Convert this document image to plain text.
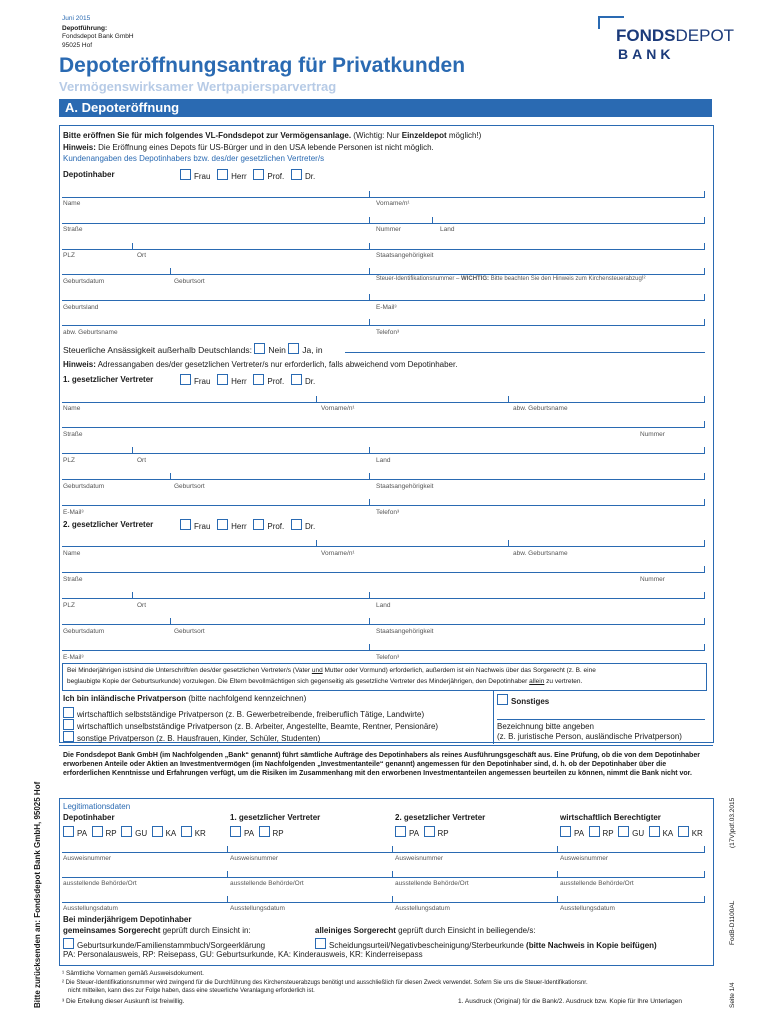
Juni 2015
Depotführung:
Fondsdepot Bank GmbH
95025 Hof
FONDSDEPOT
BANK
Depoteröffnungsantrag für Privatkunden
Vermögenswirksamer Wertpapiersparvertrag
A. Depoteröffnung
Bitte eröffnen Sie für mich folgendes VL-Fondsdepot zur Vermögensanlage. (Wichtig: Nur Einzeldepot möglich!)
Hinweis: Die Eröffnung eines Depots für US-Bürger und in den USA lebende Personen ist nicht möglich.
Kundenangaben des Depotinhabers bzw. des/der gesetzlichen Vertreter/s
Depotinhaber	Frau	Herr	Prof.	Dr.
Name	Vorname/n¹
Straße	Nummer	Land
PLZ	Ort	Staatsangehörigkeit
Geburtsdatum	Geburtsort	Steuer-Identifikationsnummer – WICHTIG: Bitte beachten Sie den Hinweis zum Kirchensteuerabzug!²
Geburtsland	E-Mail³
abw. Geburtsname	Telefon³
Steuerliche Ansässigkeit außerhalb Deutschlands: Nein Ja, in
Hinweis: Adressangaben des/der gesetzlichen Vertreter/s nur erforderlich, falls abweichend vom Depotinhaber.
1. gesetzlicher Vertreter	Frau	Herr	Prof.	Dr.
Name	Vorname/n¹	abw. Geburtsname
Straße	Nummer
PLZ	Ort	Land
Geburtsdatum	Geburtsort	Staatsangehörigkeit
E-Mail³	Telefon³
2. gesetzlicher Vertreter	Frau	Herr	Prof.	Dr.
Name	Vorname/n¹	abw. Geburtsname
Straße	Nummer
PLZ	Ort	Land
Geburtsdatum	Geburtsort	Staatsangehörigkeit
E-Mail³	Telefon³
Bei Minderjährigen ist/sind die Unterschrift/en des/der gesetzlichen Vertreter/s (Vater und Mutter oder Vormund) erforderlich, außerdem ist ein Nachweis über das Sorgerecht (z. B. eine
beglaubigte Kopie der Geburtsurkunde) vorzulegen. Die Eltern bevollmächtigen sich gegenseitig als gesetzliche Vertreter des Minderjährigen, den Depotinhaber allein zu vertreten.
Ich bin inländische Privatperson (bitte nachfolgend kennzeichnen)
wirtschaftlich selbstständige Privatperson (z. B. Gewerbetreibende, freiberuflich Tätige, Landwirte)
wirtschaftlich unselbstständige Privatperson (z. B. Arbeiter, Angestellte, Beamte, Rentner, Pensionäre)
sonstige Privatperson (z. B. Hausfrauen, Kinder, Schüler, Studenten)
Sonstiges
Bezeichnung bitte angeben
(z. B. juristische Person, ausländische Privatperson)
Die Fondsdepot Bank GmbH (im Nachfolgenden „Bank“ genannt) führt sämtliche Aufträge des Depotinhabers als reines Ausführungsgeschäft aus. Eine Prüfung, ob die von dem Depotinhaber erworbenen Anteile oder Aktien an Investmentvermögen (im Nachfolgenden „Investmentanteile“ genannt) angemessen für den Depotinhaber sind, d. h. ob der Depotinhaber über die erforderlichen Kenntnisse und Erfahrungen verfügt, um die Risiken im Zusammenhang mit den erworbenen Investmentanteilen angemessen beurteilen zu können, nimmt die Bank nicht vor.
Legitimationsdaten
Depotinhaber	1. gesetzlicher Vertreter	2. gesetzlicher Vertreter	wirtschaftlich Berechtigter
PA RP GU KA KR	PA RP	PA RP	PA RP GU KA KR
Ausweisnummer	Ausweisnummer	Ausweisnummer	Ausweisnummer
ausstellende Behörde/Ort	ausstellende Behörde/Ort	ausstellende Behörde/Ort	ausstellende Behörde/Ort
Ausstellungsdatum	Ausstellungsdatum	Ausstellungsdatum	Ausstellungsdatum
Bei minderjährigem Depotinhaber
gemeinsames Sorgerecht geprüft durch Einsicht in:	alleiniges Sorgerecht geprüft durch Einsicht in beiliegende/s:
Geburtsurkunde/Familienstammbuch/Sorgeerklärung	Scheidungsurteil/Negativbescheinigung/Sterbeurkunde (bitte Nachweis in Kopie beifügen)
PA: Personalausweis, RP: Reisepass, GU: Geburtsurkunde, KA: Kinderausweis, KR: Kinderreisepass
¹ Sämtliche Vornamen gemäß Ausweisdokument.
² Die Steuer-Identifikationsnummer wird zwingend für die Durchführung des Kirchensteuerabzugs benötigt und ausschließlich für diesen Zweck verwendet. Sofern Sie uns die Steuer-Identifikationsnr.
nicht mitteilen, kann dies zur Folge haben, dass eine steuerliche Veranlagung erforderlich ist.
³ Die Erteilung dieser Auskunft ist freiwillig.	1. Ausdruck (Original) für die Bank/2. Ausdruck bzw. Kopie für Ihre Unterlagen
Bitte zurücksenden an: Fondsdepot Bank GmbH, 95025 Hof	(17V)pdf.03.2015
FodB-D1100AL
Seite 1/4
